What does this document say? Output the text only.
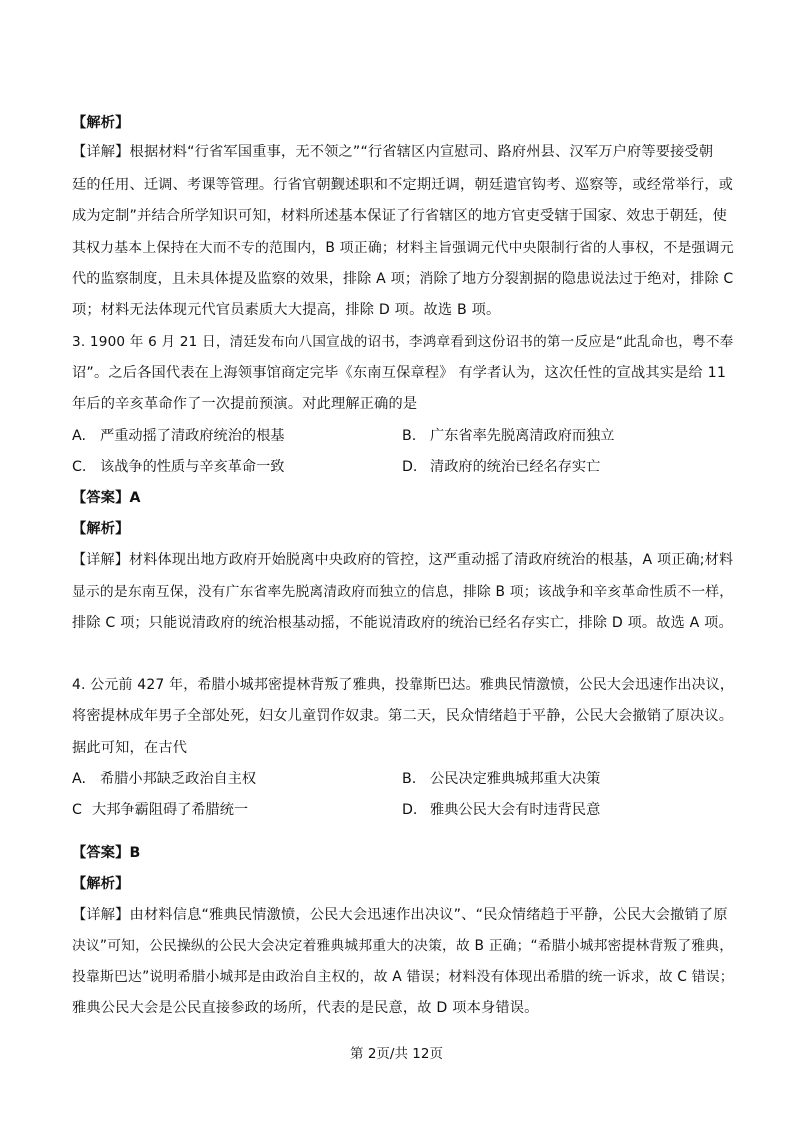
【解析】
【详解】根据材料“行省军国重事，无不领之”“行省辖区内宣慰司、路府州县、汉军万户府等要接受朝
廷的任用、迁调、考课等管理。行省官朝觐述职和不定期迁调，朝廷遣官钩考、巡察等，或经常举行，或
成为定制”并结合所学知识可知，材料所述基本保证了行省辖区的地方官吏受辖于国家、效忠于朝廷，使
其权力基本上保持在大而不专的范围内，B 项正确；材料主旨强调元代中央限制行省的人事权，不是强调元
代的监察制度，且未具体提及监察的效果，排除 A 项；消除了地方分裂割据的隐患说法过于绝对，排除 C
项；材料无法体现元代官员素质大大提高，排除 D 项。故选 B 项。
3. 1900 年 6 月 21 日，清廷发布向八国宣战的诏书，李鸿章看到这份诏书的第一反应是“此乱命也，粤不奉
诏”。之后各国代表在上海领事馆商定完毕《东南互保章程》 有学者认为，这次任性的宣战其实是给 11
年后的辛亥革命作了一次提前预演。对此理解正确的是
A. 严重动摇了清政府统治的根基	B. 广东省率先脱离清政府而独立
C. 该战争的性质与辛亥革命一致	D. 清政府的统治已经名存实亡
【答案】A
【解析】
【详解】材料体现出地方政府开始脱离中央政府的管控，这严重动摇了清政府统治的根基，A 项正确;材料
显示的是东南互保，没有广东省率先脱离清政府而独立的信息，排除 B 项；该战争和辛亥革命性质不一样，
排除 C 项；只能说清政府的统治根基动摇，不能说清政府的统治已经名存实亡，排除 D 项。故选 A 项。
4. 公元前 427 年，希腊小城邦密提林背叛了雅典，投靠斯巴达。雅典民情激愤，公民大会迅速作出决议，
将密提林成年男子全部处死，妇女儿童罚作奴隶。第二天，民众情绪趋于平静，公民大会撤销了原决议。
据此可知，在古代
A. 希腊小邦缺乏政治自主权	B. 公民决定雅典城邦重大决策
C 大邦争霸阻碍了希腊统一	D. 雅典公民大会有时违背民意
【答案】B
【解析】
【详解】由材料信息“雅典民情激愤，公民大会迅速作出决议”、“民众情绪趋于平静，公民大会撤销了原
决议”可知，公民操纵的公民大会决定着雅典城邦重大的决策，故 B 正确；“希腊小城邦密提林背叛了雅典，
投靠斯巴达”说明希腊小城邦是由政治自主权的，故 A 错误；材料没有体现出希腊的统一诉求，故 C 错误；
雅典公民大会是公民直接参政的场所，代表的是民意，故 D 项本身错误。
第 2页/共 12页
